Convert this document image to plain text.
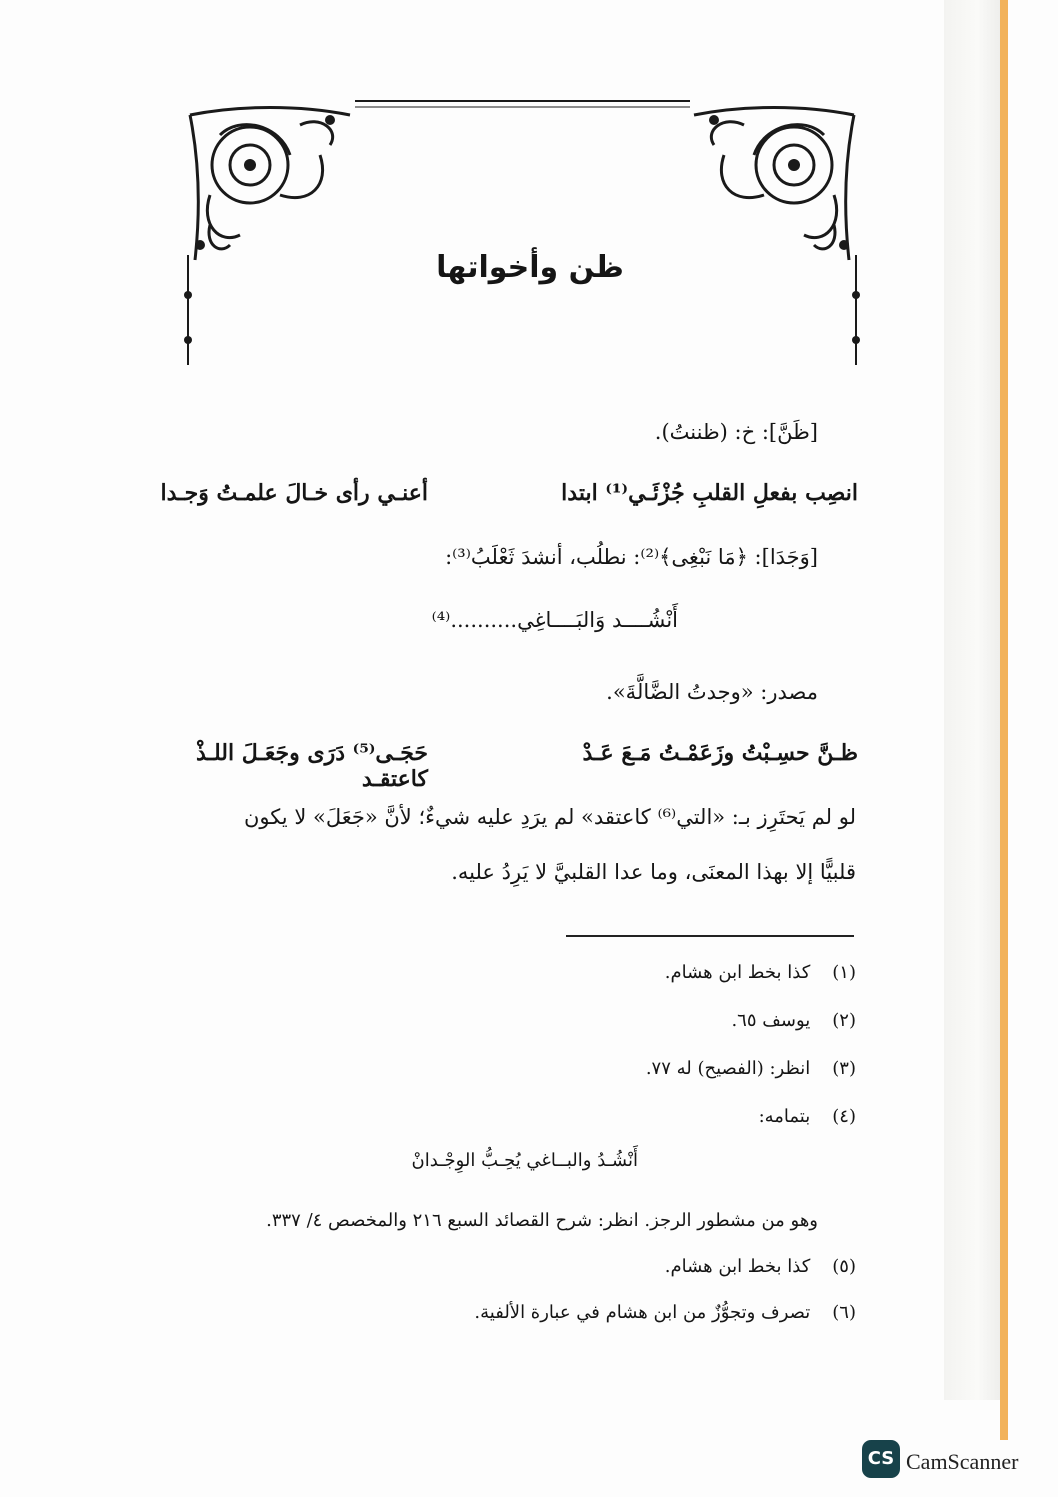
ظن وأخواتها
[ظَنَّ]: خ: (ظننتُ).
انصِب بفعلِ القلبِ جُزْئَـي⁽¹⁾ ابتدا
أعنـي رأى خـالَ علمـتُ وَجـدا
[وَجَدَا]: ﴿مَا نَبْغِى﴾⁽²⁾: نطلُب، أنشدَ ثَعْلَبُ⁽³⁾:
أَنْشُــــد وَالبَــــاغِي..........⁽⁴⁾
مصدر: «وجدتُ الضَّالَّةَ».
ظـنَّ حسِـبْتُ وزَعَمْـتُ مَـعَ عَـدْ
حَجَـى⁽⁵⁾ دَرَى وجَعَـلَ اللـذْ كاعتقـد
لو لم يَحتَرِز بـ: «التي⁽⁶⁾ كاعتقد» لم يرَدِ عليه شيءٌ؛ لأنَّ «جَعَلَ» لا يكون
قلبيًّا إلا بهذا المعنَى، وما عدا القلبيَّ لا يَرِدُ عليه.
(١) كذا بخط ابن هشام.
(٢) يوسف ٦٥.
(٣) انظر: (الفصيح) له ٧٧.
(٤) بتمامه:
أَنْشُـدُ والبــاغي يُحِـبُّ الوِجْـدانْ
وهو من مشطور الرجز. انظر: شرح القصائد السبع ٢١٦ والمخصص ٤/ ٣٣٧.
(٥) كذا بخط ابن هشام.
(٦) تصرف وتجوُّزٌ من ابن هشام في عبارة الألفية.
CS CamScanner
